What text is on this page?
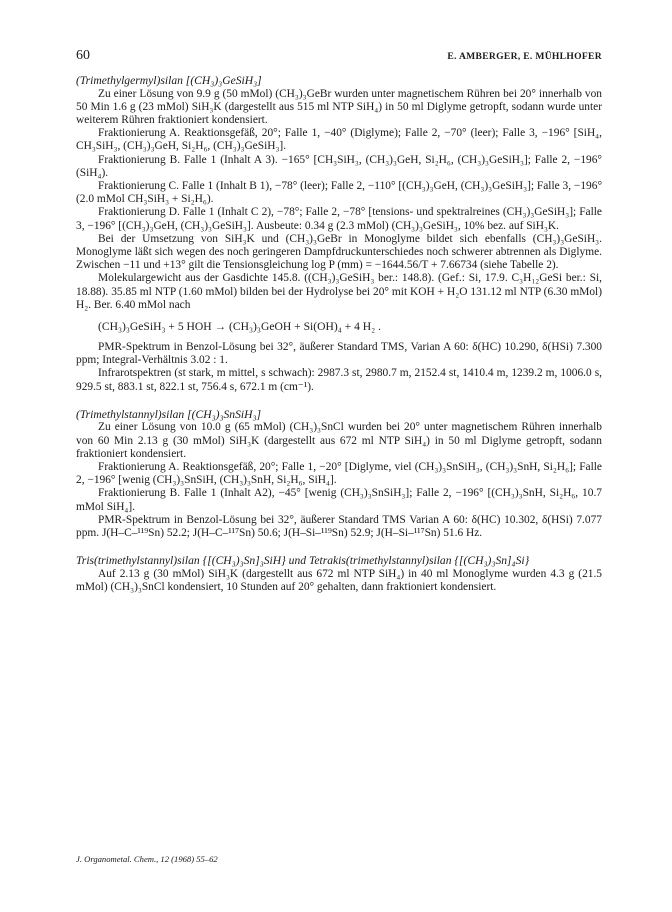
60	E. AMBERGER, E. MÜHLHOFER

(Trimethylgermyl)silan [(CH₃)₃GeSiH₃]

Zu einer Lösung von 9.9 g (50 mMol) (CH₃)₃GeBr wurden unter magnetischem Rühren bei 20° innerhalb von 50 Min 1.6 g (23 mMol) SiH₃K (dargestellt aus 515 ml NTP SiH₄) in 50 ml Diglyme getropft, sodann wurde unter weiterem Rühren fraktioniert kondensiert.

Fraktionierung A. Reaktionsgefäß, 20°; Falle 1, −40° (Diglyme); Falle 2, −70° (leer); Falle 3, −196° [SiH₄, CH₃SiH₃, (CH₃)₃GeH, Si₂H₆, (CH₃)₃GeSiH₃].

Fraktionierung B. Falle 1 (Inhalt A 3). −165° [CH₃SiH₃, (CH₃)₃GeH, Si₂H₆, (CH₃)₃GeSiH₃]; Falle 2, −196° (SiH₄).

Fraktionierung C. Falle 1 (Inhalt B 1), −78° (leer); Falle 2, −110° [(CH₃)₃GeH, (CH₃)₃GeSiH₃]; Falle 3, −196° (2.0 mMol CH₃SiH₃ + Si₂H₆).

Fraktionierung D. Falle 1 (Inhalt C 2), −78°; Falle 2, −78° [tensions- und spektralreines (CH₃)₃GeSiH₃]; Falle 3, −196° [(CH₃)₃GeH, (CH₃)₃GeSiH₃]. Ausbeute: 0.34 g (2.3 mMol) (CH₃)₃GeSiH₃, 10% bez. auf SiH₃K.

Bei der Umsetzung von SiH₃K und (CH₃)₃GeBr in Monoglyme bildet sich ebenfalls (CH₃)₃GeSiH₃. Monoglyme läßt sich wegen des noch geringeren Dampfdruckunterschiedes noch schwerer abtrennen als Diglyme. Zwischen −11 und +13° gilt die Tensionsgleichung log P (mm) = −1644.56/T + 7.66734 (siehe Tabelle 2).

Molekulargewicht aus der Gasdichte 145.8. ((CH₃)₃GeSiH₃ ber.: 148.8). (Gef.: Si, 17.9. C₃H₁₂GeSi ber.: Si, 18.88). 35.85 ml NTP (1.60 mMol) bilden bei der Hydrolyse bei 20° mit KOH + H₂O 131.12 ml NTP (6.30 mMol) H₂. Ber. 6.40 mMol nach

(CH₃)₃GeSiH₃ + 5 HOH → (CH₃)₃GeOH + Si(OH)₄ + 4 H₂ .

PMR-Spektrum in Benzol-Lösung bei 32°, äußerer Standard TMS, Varian A 60: δ(HC) 10.290, δ(HSi) 7.300 ppm; Integral-Verhältnis 3.02 : 1.

Infrarotspektren (st stark, m mittel, s schwach): 2987.3 st, 2980.7 m, 2152.4 st, 1410.4 m, 1239.2 m, 1006.0 s, 929.5 st, 883.1 st, 822.1 st, 756.4 s, 672.1 m (cm⁻¹).

(Trimethylstannyl)silan [(CH₃)₃SnSiH₃]

Zu einer Lösung von 10.0 g (65 mMol) (CH₃)₃SnCl wurden bei 20° unter magnetischem Rühren innerhalb von 60 Min 2.13 g (30 mMol) SiH₃K (dargestellt aus 672 ml NTP SiH₄) in 50 ml Diglyme getropft, sodann fraktioniert kondensiert.

Fraktionierung A. Reaktionsgefäß, 20°; Falle 1, −20° [Diglyme, viel (CH₃)₃SnSiH₃, (CH₃)₃SnH, Si₂H₆]; Falle 2, −196° [wenig (CH₃)₃SnSiH, (CH₃)₃SnH, Si₂H₆, SiH₄].

Fraktionierung B. Falle 1 (Inhalt A2), −45° [wenig (CH₃)₃SnSiH₃]; Falle 2, −196° [(CH₃)₃SnH, Si₂H₆, 10.7 mMol SiH₄].

PMR-Spektrum in Benzol-Lösung bei 32°, äußerer Standard TMS Varian A 60: δ(HC) 10.302, δ(HSi) 7.077 ppm. J(H–C–¹¹⁹Sn) 52.2; J(H–C–¹¹⁷Sn) 50.6; J(H–Si–¹¹⁹Sn) 52.9; J(H–Si–¹¹⁷Sn) 51.6 Hz.

Tris(trimethylstannyl)silan {[(CH₃)₃Sn]₃SiH} und Tetrakis(trimethylstannyl)silan {[(CH₃)₃Sn]₄Si}

Auf 2.13 g (30 mMol) SiH₃K (dargestellt aus 672 ml NTP SiH₄) in 40 ml Monoglyme wurden 4.3 g (21.5 mMol) (CH₃)₃SnCl kondensiert, 10 Stunden auf 20° gehalten, dann fraktioniert kondensiert.

J. Organometal. Chem., 12 (1968) 55–62
